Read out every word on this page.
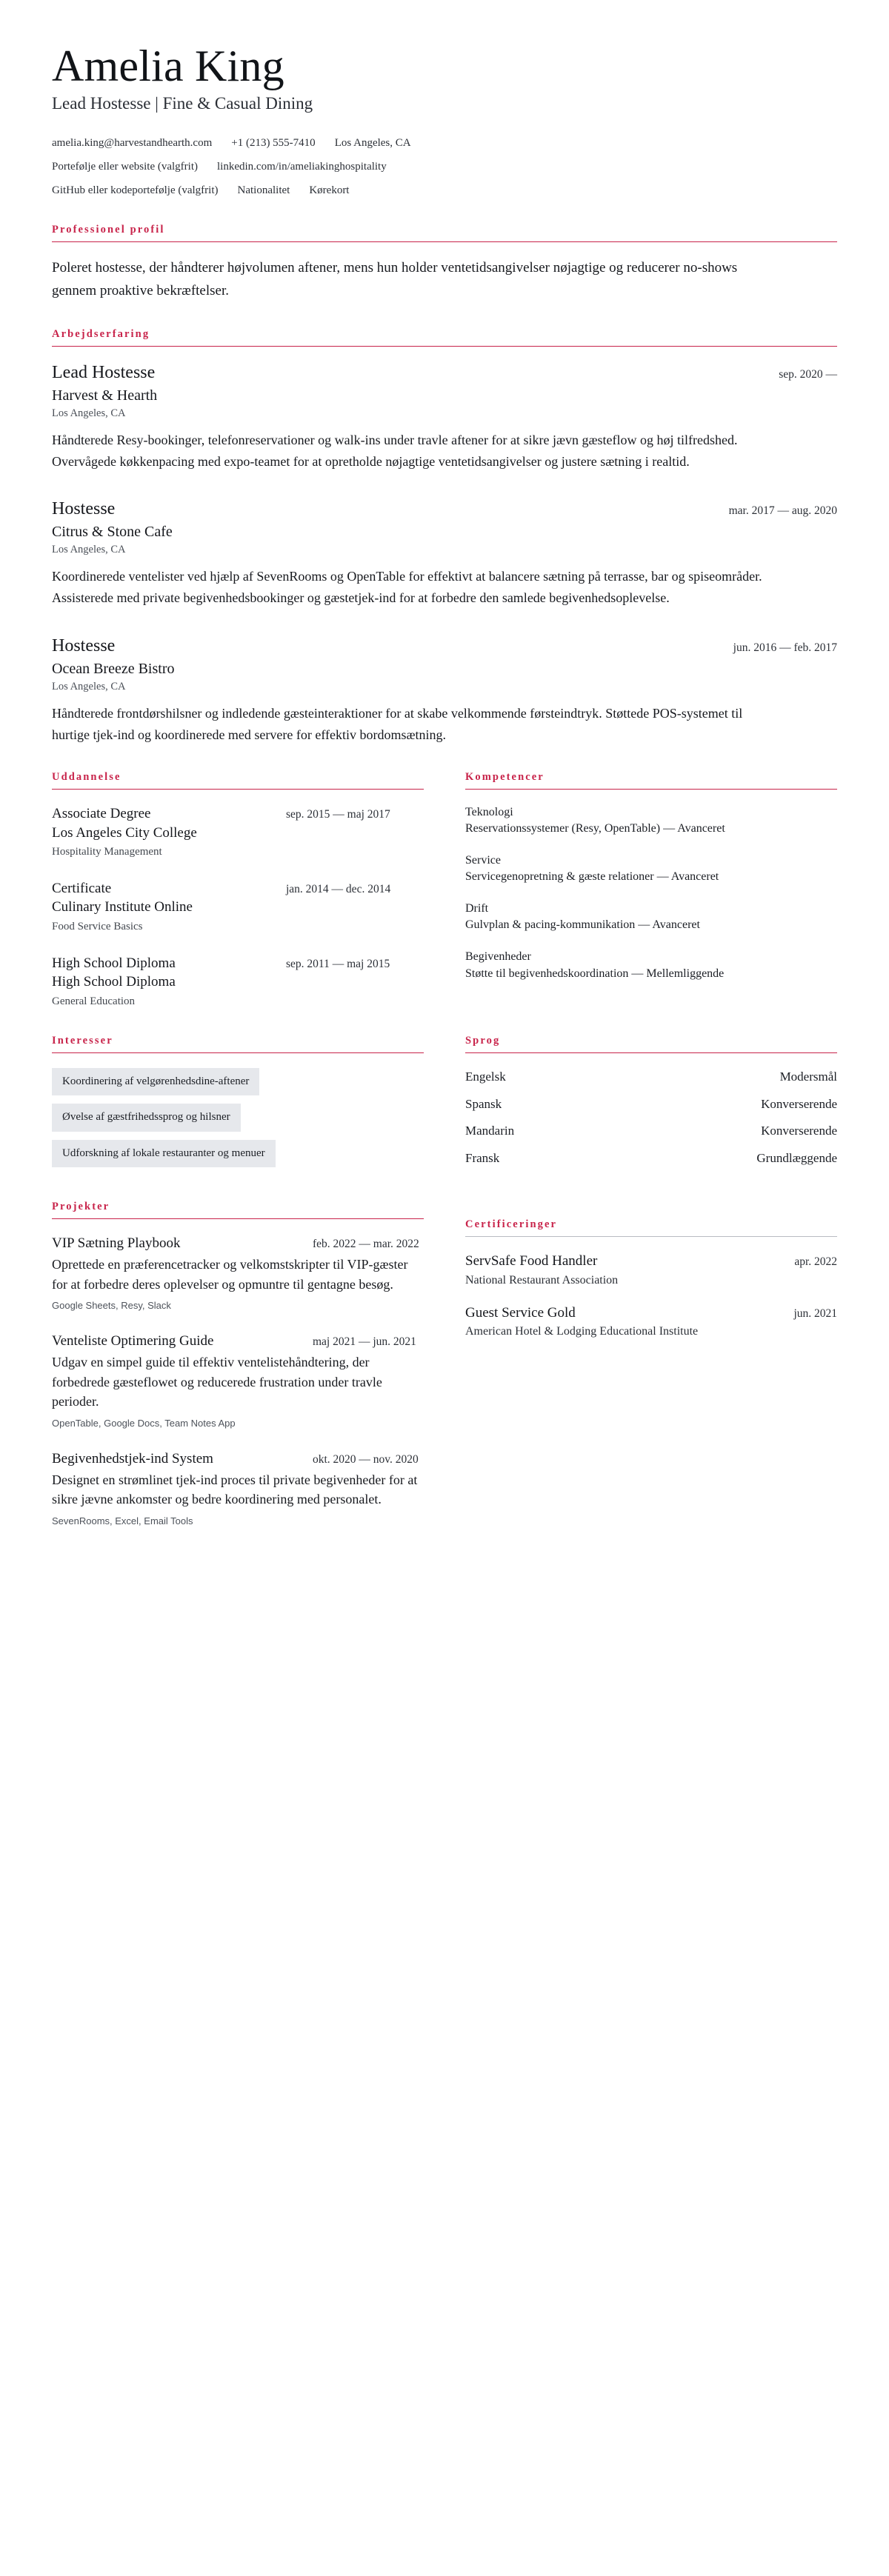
Amelia King
Lead Hostesse | Fine & Casual Dining
amelia.king@harvestandhearth.com +1 (213) 555-7410 Los Angeles, CA
Portefølje eller website (valgfrit) linkedin.com/in/ameliakinghospitality
GitHub eller kodeportefølje (valgfrit) Nationalitet Kørekort
Professionel profil
Poleret hostesse, der håndterer højvolumen aftener, mens hun holder ventetidsangivelser nøjagtige og reducerer no-shows gennem proaktive bekræftelser.
Arbejdserfaring
Lead Hostesse	sep. 2020 —
Harvest & Hearth
Los Angeles, CA
Håndterede Resy-bookinger, telefonreservationer og walk-ins under travle aftener for at sikre jævn gæsteflow og høj tilfredshed. Overvågede køkkenpacing med expo-teamet for at opretholde nøjagtige ventetidsangivelser og justere sætning i realtid.
Hostesse	mar. 2017 — aug. 2020
Citrus & Stone Cafe
Los Angeles, CA
Koordinerede ventelister ved hjælp af SevenRooms og OpenTable for effektivt at balancere sætning på terrasse, bar og spiseområder. Assisterede med private begivenhedsbookinger og gæstetjek-ind for at forbedre den samlede begivenhedsoplevelse.
Hostesse	jun. 2016 — feb. 2017
Ocean Breeze Bistro
Los Angeles, CA
Håndterede frontdørshilsner og indledende gæsteinteraktioner for at skabe velkommende førsteindtryk. Støttede POS-systemet til hurtige tjek-ind og koordinerede med servere for effektiv bordomsætning.
Uddannelse
Associate Degree
Los Angeles City College
sep. 2015 — maj 2017
Hospitality Management
Certificate
Culinary Institute Online
jan. 2014 — dec. 2014
Food Service Basics
High School Diploma
High School Diploma
sep. 2011 — maj 2015
General Education
Kompetencer
Teknologi
Reservationssystemer (Resy, OpenTable) — Avanceret
Service
Servicegenopretning & gæste relationer — Avanceret
Drift
Gulvplan & pacing-kommunikation — Avanceret
Begivenheder
Støtte til begivenhedskoordination — Mellemliggende
Interesser
Koordinering af velgørenhedsdine-aftener
Øvelse af gæstfrihedssprog og hilsner
Udforskning af lokale restauranter og menuer
Sprog
Engelsk	Modersmål
Spansk	Konverserende
Mandarin	Konverserende
Fransk	Grundlæggende
Projekter
VIP Sætning Playbook	feb. 2022 — mar. 2022
Oprettede en præferencetracker og velkomstskripter til VIP-gæster for at forbedre deres oplevelser og opmuntre til gentagne besøg.
Google Sheets, Resy, Slack
Venteliste Optimering Guide	maj 2021 — jun. 2021
Udgav en simpel guide til effektiv ventelistehåndtering, der forbedrede gæsteflowet og reducerede frustration under travle perioder.
OpenTable, Google Docs, Team Notes App
Begivenhedstjek-ind System	okt. 2020 — nov. 2020
Designet en strømlinet tjek-ind proces til private begivenheder for at sikre jævne ankomster og bedre koordinering med personalet.
SevenRooms, Excel, Email Tools
Certificeringer
ServSafe Food Handler
National Restaurant Association
apr. 2022
Guest Service Gold
American Hotel & Lodging Educational Institute
jun. 2021
